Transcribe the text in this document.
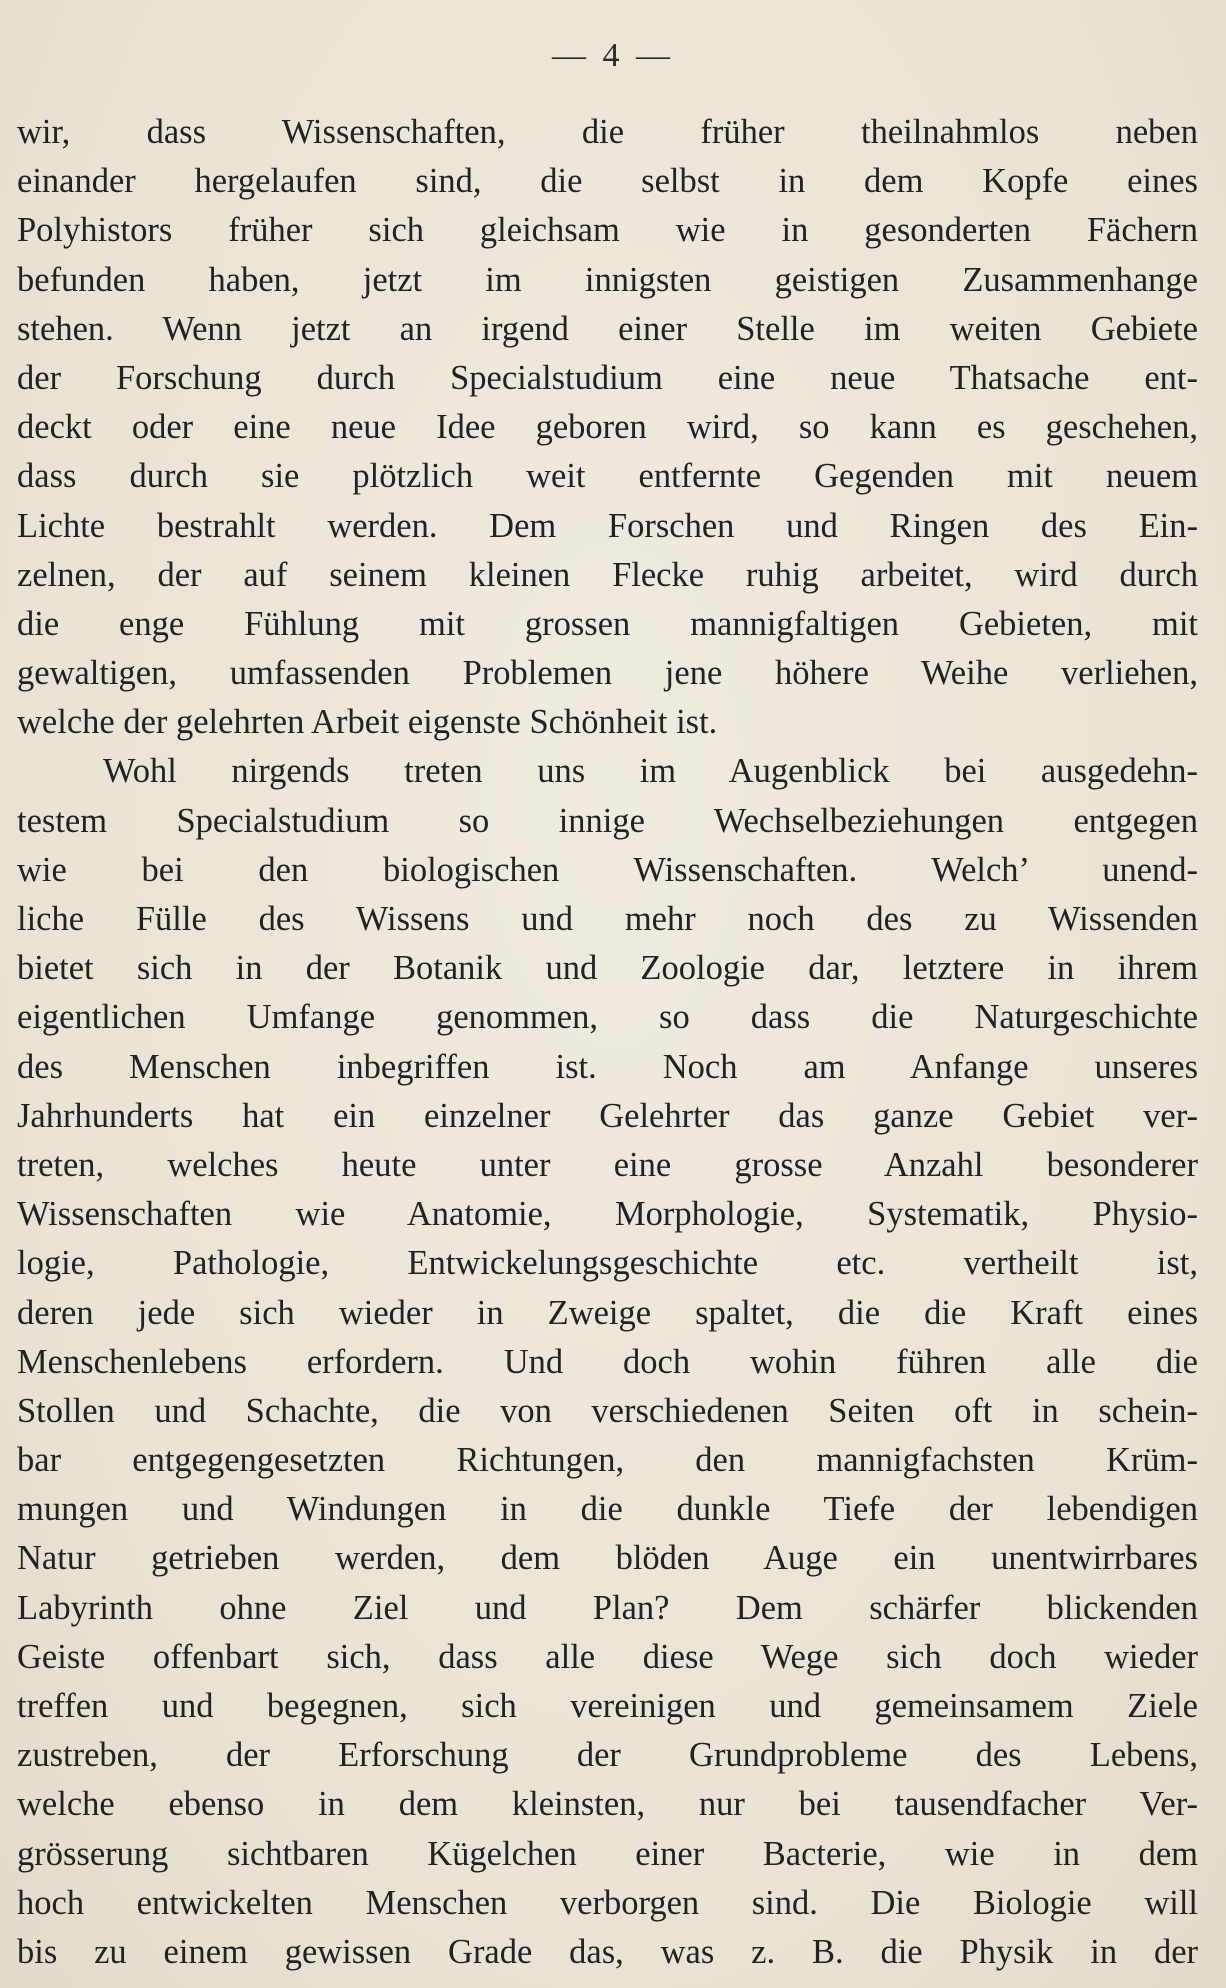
— 4 —
wir, dass Wissenschaften, die früher theilnahmlos neben
einander hergelaufen sind, die selbst in dem Kopfe eines
Polyhistors früher sich gleichsam wie in gesonderten Fächern
befunden haben, jetzt im innigsten geistigen Zusammenhange
stehen. Wenn jetzt an irgend einer Stelle im weiten Gebiete
der Forschung durch Specialstudium eine neue Thatsache ent-
deckt oder eine neue Idee geboren wird, so kann es geschehen,
dass durch sie plötzlich weit entfernte Gegenden mit neuem
Lichte bestrahlt werden. Dem Forschen und Ringen des Ein-
zelnen, der auf seinem kleinen Flecke ruhig arbeitet, wird durch
die enge Fühlung mit grossen mannigfaltigen Gebieten, mit
gewaltigen, umfassenden Problemen jene höhere Weihe verliehen,
welche der gelehrten Arbeit eigenste Schönheit ist.
Wohl nirgends treten uns im Augenblick bei ausgedehn-
testem Specialstudium so innige Wechselbeziehungen entgegen
wie bei den biologischen Wissenschaften. Welch’ unend-
liche Fülle des Wissens und mehr noch des zu Wissenden
bietet sich in der Botanik und Zoologie dar, letztere in ihrem
eigentlichen Umfange genommen, so dass die Naturgeschichte
des Menschen inbegriffen ist. Noch am Anfange unseres
Jahrhunderts hat ein einzelner Gelehrter das ganze Gebiet ver-
treten, welches heute unter eine grosse Anzahl besonderer
Wissenschaften wie Anatomie, Morphologie, Systematik, Physio-
logie, Pathologie, Entwickelungsgeschichte etc. vertheilt ist,
deren jede sich wieder in Zweige spaltet, die die Kraft eines
Menschenlebens erfordern. Und doch wohin führen alle die
Stollen und Schachte, die von verschiedenen Seiten oft in schein-
bar entgegengesetzten Richtungen, den mannigfachsten Krüm-
mungen und Windungen in die dunkle Tiefe der lebendigen
Natur getrieben werden, dem blöden Auge ein unentwirrbares
Labyrinth ohne Ziel und Plan? Dem schärfer blickenden
Geiste offenbart sich, dass alle diese Wege sich doch wieder
treffen und begegnen, sich vereinigen und gemeinsamem Ziele
zustreben, der Erforschung der Grundprobleme des Lebens,
welche ebenso in dem kleinsten, nur bei tausendfacher Ver-
grösserung sichtbaren Kügelchen einer Bacterie, wie in dem
hoch entwickelten Menschen verborgen sind. Die Biologie will
bis zu einem gewissen Grade das, was z. B. die Physik in der
